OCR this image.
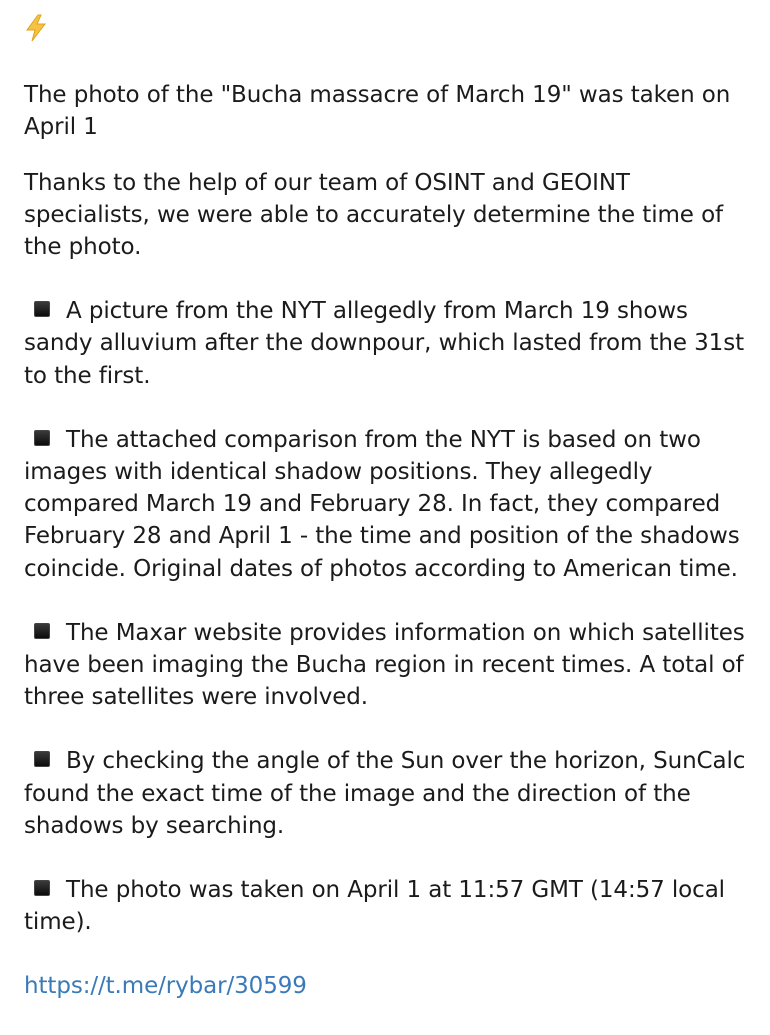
The photo of the "Bucha massacre of March 19" was taken on April 1

Thanks to the help of our team of OSINT and GEOINT specialists, we were able to accurately determine the time of the photo.

A picture from the NYT allegedly from March 19 shows sandy alluvium after the downpour, which lasted from the 31st to the first.

The attached comparison from the NYT is based on two images with identical shadow positions. They allegedly compared March 19 and February 28. In fact, they compared February 28 and April 1 - the time and position of the shadows coincide. Original dates of photos according to American time.

The Maxar website provides information on which satellites have been imaging the Bucha region in recent times. A total of three satellites were involved.

By checking the angle of the Sun over the horizon, SunCalc found the exact time of the image and the direction of the shadows by searching.

The photo was taken on April 1 at 11:57 GMT (14:57 local time).

https://t.me/rybar/30599
